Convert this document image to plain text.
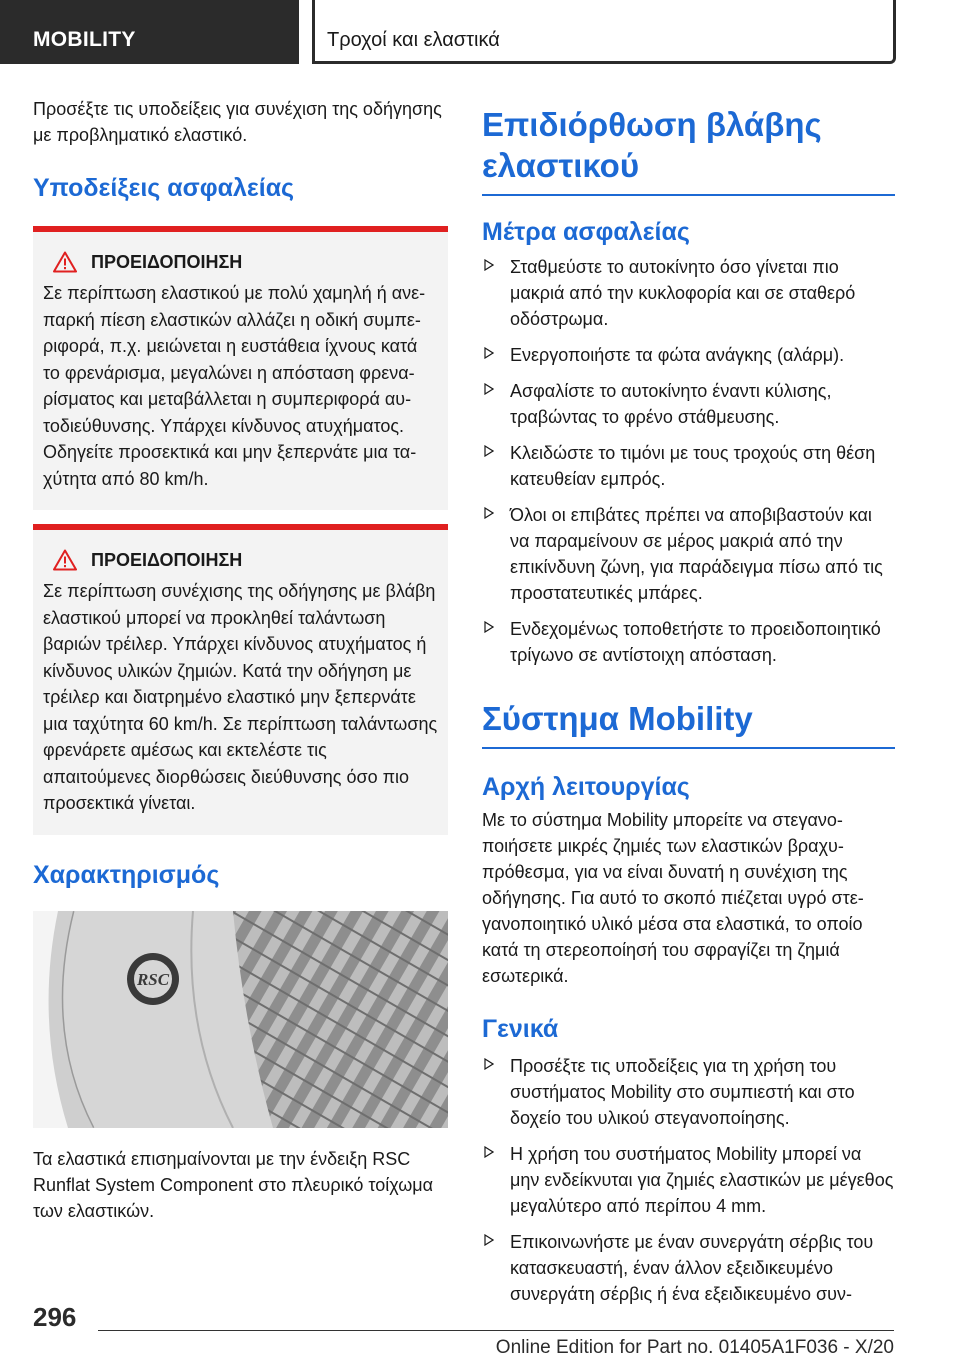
MOBILITY	Τροχοί και ελαστικά

Προσέξτε τις υποδείξεις για συνέχιση της οδήγησης με προβληματικό ελαστικό.

Υποδείξεις ασφαλείας
ΠΡΟΕΙΔΟΠΟΙΗΣΗ

Σε περίπτωση ελαστικού με πολύ χαμηλή ή ανεπαρκή πίεση ελαστικών αλλάζει η οδική συμπεριφορά, π.χ. μειώνεται η ευστάθεια ίχνους κατά το φρενάρισμα, μεγαλώνει η απόσταση φρεναρίσματος και μεταβάλλεται η συμπεριφορά αυτοδιεύθυνσης. Υπάρχει κίνδυνος ατυχήματος. Οδηγείτε προσεκτικά και μην ξεπερνάτε μια ταχύτητα από 80 km/h.

ΠΡΟΕΙΔΟΠΟΙΗΣΗ

Σε περίπτωση συνέχισης της οδήγησης με βλάβη ελαστικού μπορεί να προκληθεί ταλάντωση βαριών τρέιλερ. Υπάρχει κίνδυνος ατυχήματος ή κίνδυνος υλικών ζημιών. Κατά την οδήγηση με τρέιλερ και διατρημένο ελαστικό μην ξεπερνάτε μια ταχύτητα 60 km/h. Σε περίπτωση ταλάντωσης φρενάρετε αμέσως και εκτελέστε τις απαιτούμενες διορθώσεις διεύθυνσης όσο πιο προσεκτικά γίνεται.

Χαρακτηρισμός
RSC

Τα ελαστικά επισημαίνονται με την ένδειξη RSC Runflat System Component στο πλευρικό τοίχωμα των ελαστικών.

Επιδιόρθωση βλάβης ελαστικού
Μέτρα ασφαλείας
Σταθμεύστε το αυτοκίνητο όσο γίνεται πιο μακριά από την κυκλοφορία και σε σταθερό οδόστρωμα.
Ενεργοποιήστε τα φώτα ανάγκης (αλάρμ).
Ασφαλίστε το αυτοκίνητο έναντι κύλισης, τραβώντας το φρένο στάθμευσης.
Κλειδώστε το τιμόνι με τους τροχούς στη θέση κατευθείαν εμπρός.
Όλοι οι επιβάτες πρέπει να αποβιβαστούν και να παραμείνουν σε μέρος μακριά από την επικίνδυνη ζώνη, για παράδειγμα πίσω από τις προστατευτικές μπάρες.
Ενδεχομένως τοποθετήστε το προειδοποιητικό τρίγωνο σε αντίστοιχη απόσταση.
Σύστημα Mobility
Αρχή λειτουργίας

Με το σύστημα Mobility μπορείτε να στεγανοποιήσετε μικρές ζημιές των ελαστικών βραχυπρόθεσμα, για να είναι δυνατή η συνέχιση της οδήγησης. Για αυτό το σκοπό πιέζεται υγρό στεγανοποιητικό υλικό μέσα στα ελαστικά, το οποίο κατά τη στερεοποίησή του σφραγίζει τη ζημιά εσωτερικά.

Γενικά
Προσέξτε τις υποδείξεις για τη χρήση του συστήματος Mobility στο συμπιεστή και στο δοχείο του υλικού στεγανοποίησης.
Η χρήση του συστήματος Mobility μπορεί να μην ενδείκνυται για ζημιές ελαστικών με μέγεθος μεγαλύτερο από περίπου 4 mm.
Επικοινωνήστε με έναν συνεργάτη σέρβις του κατασκευαστή, έναν άλλον εξειδικευμένο συνεργάτη σέρβις ή ένα εξειδικευμένο συν-
296
Online Edition for Part no. 01405A1F036 - X/20
